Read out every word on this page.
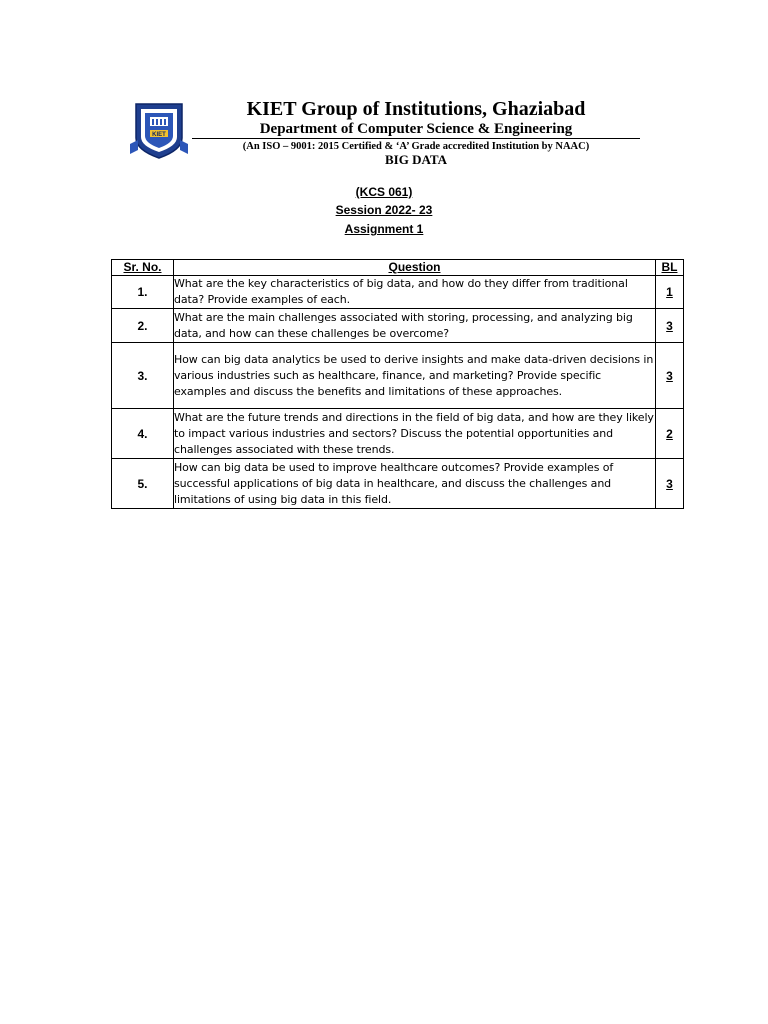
KIET
KIET Group of Institutions, Ghaziabad
Department of Computer Science & Engineering
(An ISO – 9001: 2015 Certified & ‘A’ Grade accredited Institution by NAAC)
BIG DATA
(KCS 061)
Session 2022- 23
Assignment 1
Sr. No.	Question	BL
1.	What are the key characteristics of big data, and how do they differ from traditional data? Provide examples of each.	1
2.	What are the main challenges associated with storing, processing, and analyzing big data, and how can these challenges be overcome?	3
3.	How can big data analytics be used to derive insights and make data-driven decisions in various industries such as healthcare, finance, and marketing? Provide specific examples and discuss the benefits and limitations of these approaches.	3
4.	What are the future trends and directions in the field of big data, and how are they likely to impact various industries and sectors? Discuss the potential opportunities and challenges associated with these trends.	2
5.	How can big data be used to improve healthcare outcomes? Provide examples of successful applications of big data in healthcare, and discuss the challenges and limitations of using big data in this field.	3
